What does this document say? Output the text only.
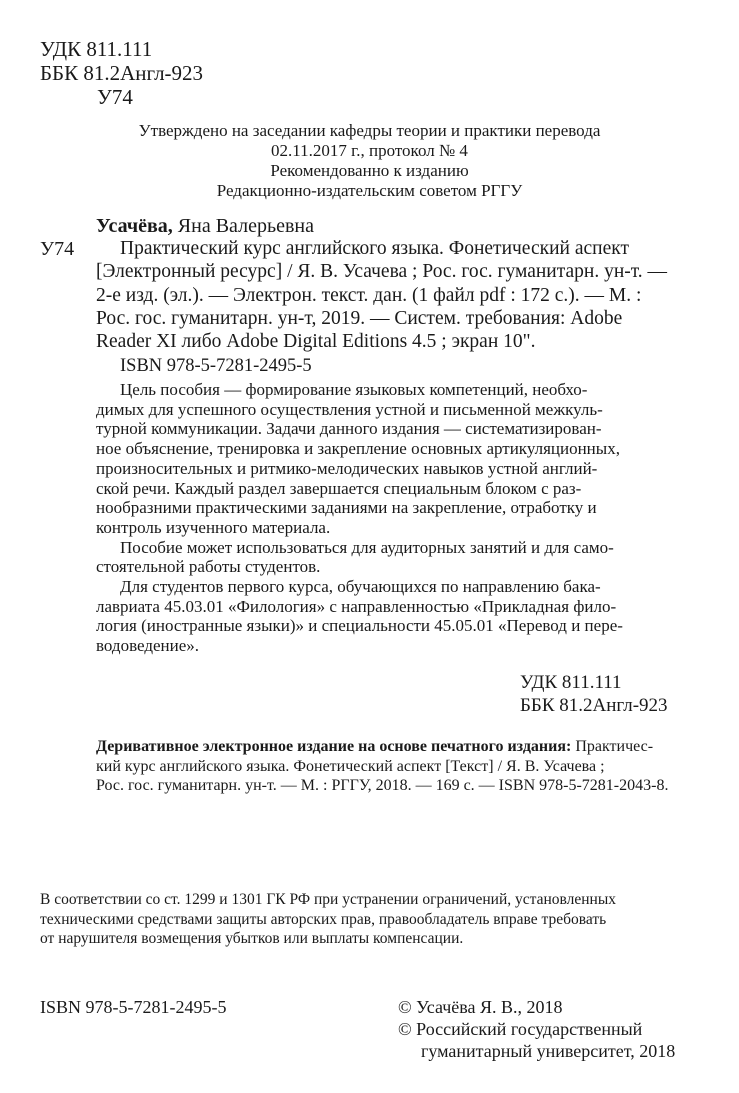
УДК 811.111
ББК 81.2Англ-923
У74
Утверждено на заседании кафедры теории и практики перевода
02.11.2017 г., протокол № 4
Рекомендованно к изданию
Редакционно-издательским советом РГГУ
Усачёва, Яна Валерьевна
У74	Практический курс английского языка. Фонетический аспект
[Электронный ресурс] / Я. В. Усачева ; Рос. гос. гуманитарн. ун-т. —
2-е изд. (эл.). — Электрон. текст. дан. (1 файл pdf : 172 с.). — М. :
Рос. гос. гуманитарн. ун-т, 2019. — Систем. требования: Adobe
Reader XI либо Adobe Digital Editions 4.5 ; экран 10".
ISBN 978-5-7281-2495-5
Цель пособия — формирование языковых компетенций, необхо-
димых для успешного осуществления устной и письменной межкуль-
турной коммуникации. Задачи данного издания — систематизирован-
ное объяснение, тренировка и закрепление основных артикуляционных,
произносительных и ритмико-мелодических навыков устной англий-
ской речи. Каждый раздел завершается специальным блоком с раз-
нообразними практическими заданиями на закрепление, отработку и
контроль изученного материала.
Пособие может использоваться для аудиторных занятий и для само-
стоятельной работы студентов.
Для студентов первого курса, обучающихся по направлению бака-
лавриата 45.03.01 «Филология» с направленностью «Прикладная фило-
логия (иностранные языки)» и специальности 45.05.01 «Перевод и пере-
водоведение».
УДК 811.111
ББК 81.2Англ-923
Деривативное электронное издание на основе печатного издания: Практичес-
кий курс английского языка. Фонетический аспект [Текст] / Я. В. Усачева ;
Рос. гос. гуманитарн. ун-т. — М. : РГГУ, 2018. — 169 с. — ISBN 978-5-7281-2043-8.
В соответствии со ст. 1299 и 1301 ГК РФ при устранении ограничений, установленных
техническими средствами защиты авторских прав, правообладатель вправе требовать
от нарушителя возмещения убытков или выплаты компенсации.
ISBN 978-5-7281-2495-5	© Усачёва Я. В., 2018
© Российский государственный
гуманитарный университет, 2018
